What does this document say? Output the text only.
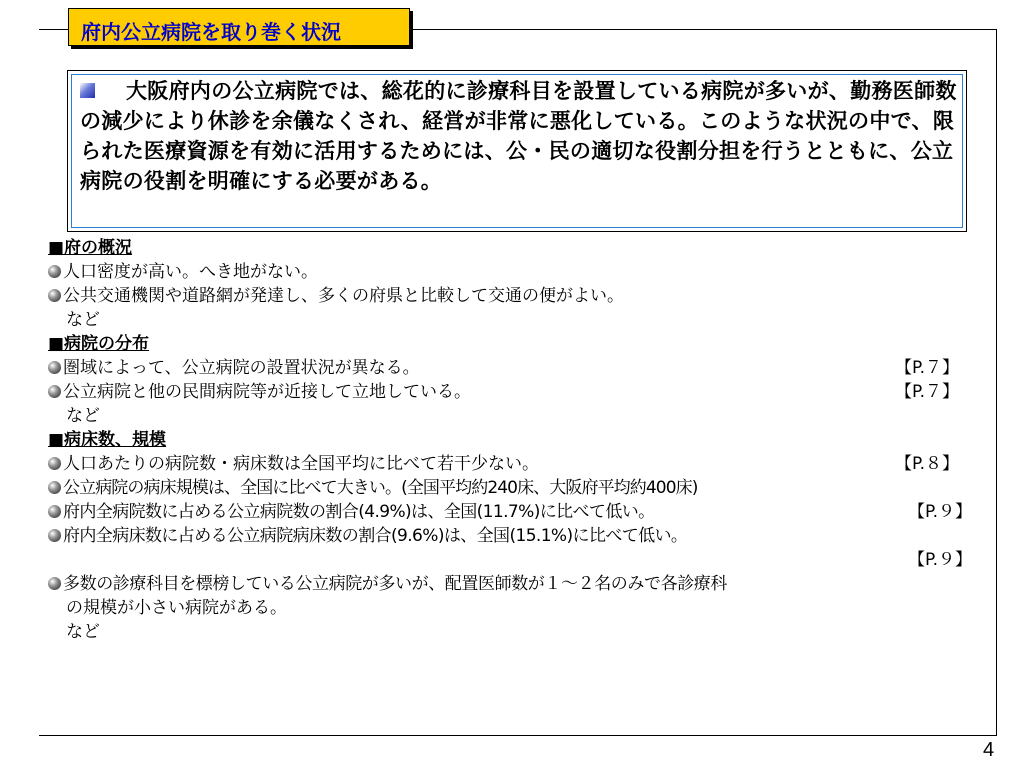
府内公立病院を取り巻く状況
大阪府内の公立病院では、総花的に診療科目を設置している病院が多いが、勤務医師数の減少により休診を余儀なくされ、経営が非常に悪化している。このような状況の中で、限られた医療資源を有効に活用するためには、公・民の適切な役割分担を行うとともに、公立病院の役割を明確にする必要がある。
■府の概況
人口密度が高い。へき地がない。
公共交通機関や道路網が発達し、多くの府県と比較して交通の便がよい。
など
■病院の分布
圏域によって、公立病院の設置状況が異なる。	【P.７】
公立病院と他の民間病院等が近接して立地している。	【P.７】
など
■病床数、規模
人口あたりの病院数・病床数は全国平均に比べて若干少ない。	【P.８】
公立病院の病床規模は、全国に比べて大きい。(全国平均約240床、大阪府平均約400床)
府内全病院数に占める公立病院数の割合(4.9%)は、全国(11.7%)に比べて低い。	【P.９】
府内全病床数に占める公立病院病床数の割合(9.6%)は、全国(15.1%)に比べて低い。
【P.９】
多数の診療科目を標榜している公立病院が多いが、配置医師数が１～２名のみで各診療科
の規模が小さい病院がある。
など
4
